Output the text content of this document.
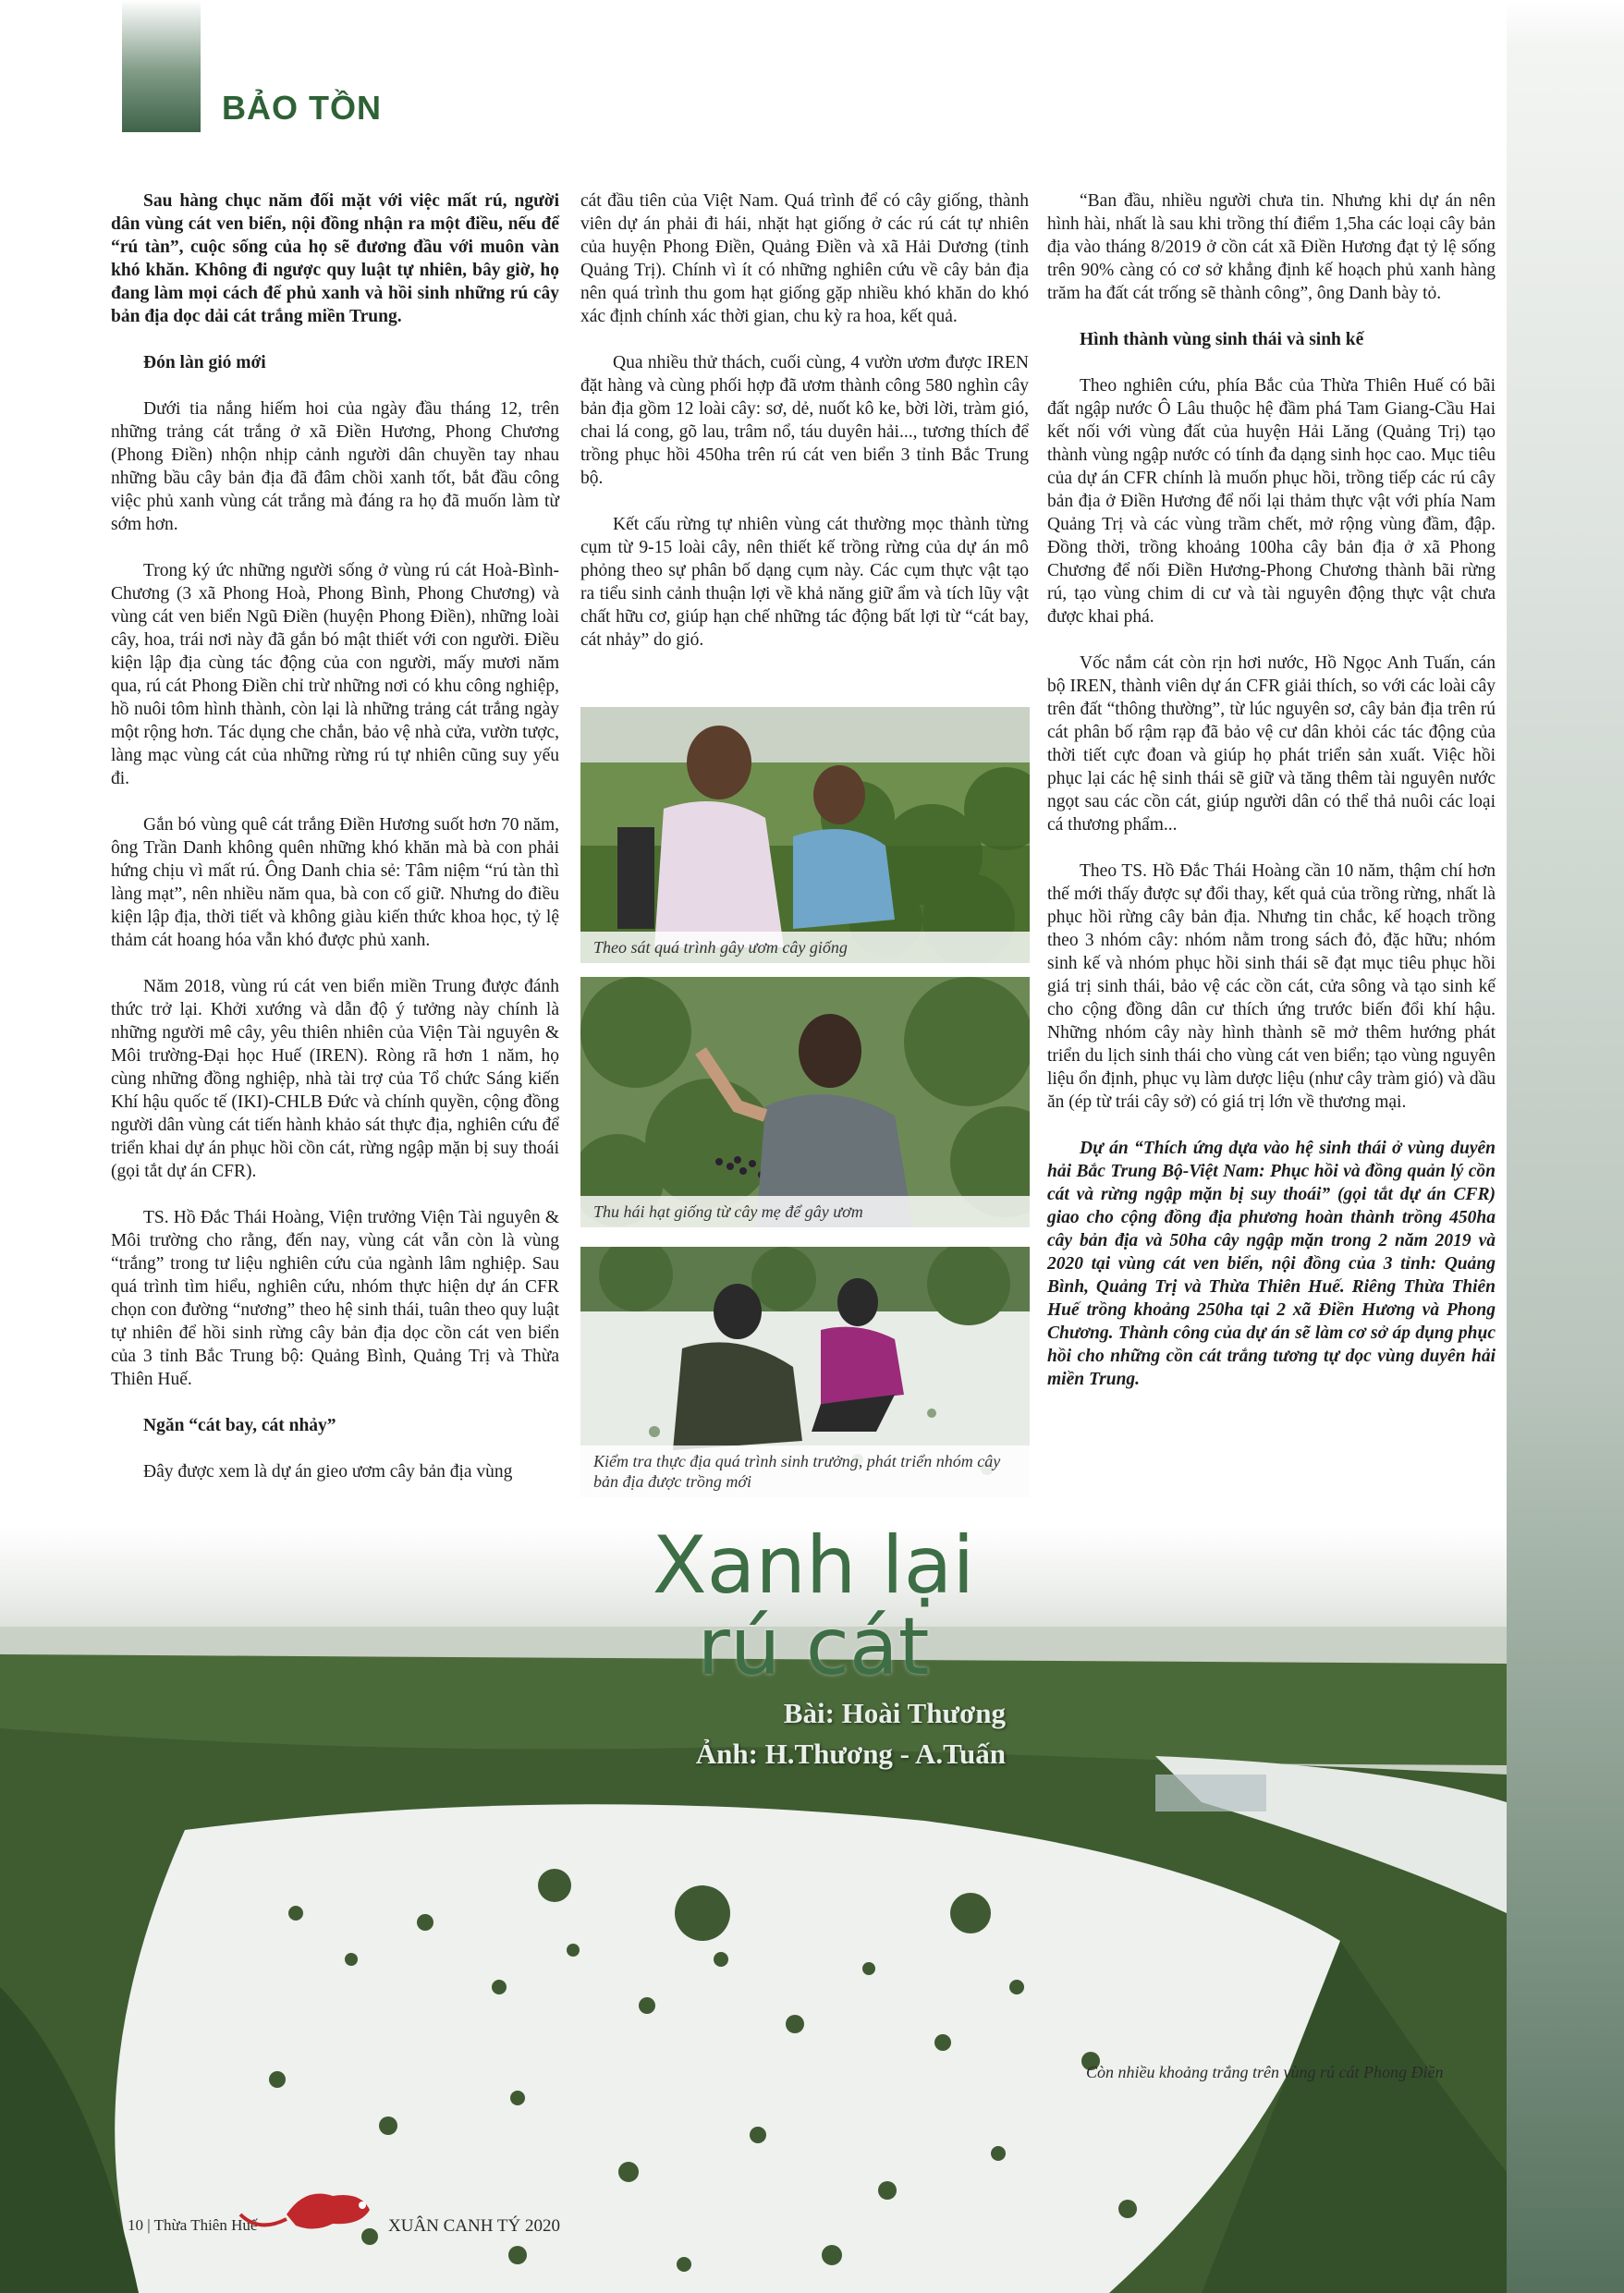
BẢO TỒN

Sau hàng chục năm đối mặt với việc mất rú, người dân vùng cát ven biển, nội đồng nhận ra một điều, nếu để “rú tàn”, cuộc sống của họ sẽ đương đầu với muôn vàn khó khăn. Không đi ngược quy luật tự nhiên, bây giờ, họ đang làm mọi cách để phủ xanh và hồi sinh những rú cây bản địa dọc dải cát trắng miền Trung.

Đón làn gió mới

Dưới tia nắng hiếm hoi của ngày đầu tháng 12, trên những trảng cát trắng ở xã Điền Hương, Phong Chương (Phong Điền) nhộn nhịp cảnh người dân chuyền tay nhau những bầu cây bản địa đã đâm chồi xanh tốt, bắt đầu công việc phủ xanh vùng cát trắng mà đáng ra họ đã muốn làm từ sớm hơn.

Trong ký ức những người sống ở vùng rú cát Hoà-Bình-Chương (3 xã Phong Hoà, Phong Bình, Phong Chương) và vùng cát ven biển Ngũ Điền (huyện Phong Điền), những loài cây, hoa, trái nơi này đã gắn bó mật thiết với con người. Điều kiện lập địa cùng tác động của con người, mấy mươi năm qua, rú cát Phong Điền chỉ trừ những nơi có khu công nghiệp, hồ nuôi tôm hình thành, còn lại là những trảng cát trắng ngày một rộng hơn. Tác dụng che chắn, bảo vệ nhà cửa, vườn tược, làng mạc vùng cát của những rừng rú tự nhiên cũng suy yếu đi.

Gắn bó vùng quê cát trắng Điền Hương suốt hơn 70 năm, ông Trần Danh không quên những khó khăn mà bà con phải hứng chịu vì mất rú. Ông Danh chia sẻ: Tâm niệm “rú tàn thì làng mạt”, nên nhiều năm qua, bà con cố giữ. Nhưng do điều kiện lập địa, thời tiết và không giàu kiến thức khoa học, tỷ lệ thảm cát hoang hóa vẫn khó được phủ xanh.

Năm 2018, vùng rú cát ven biển miền Trung được đánh thức trở lại. Khởi xướng và dẫn độ ý tưởng này chính là những người mê cây, yêu thiên nhiên của Viện Tài nguyên & Môi trường-Đại học Huế (IREN). Ròng rã hơn 1 năm, họ cùng những đồng nghiệp, nhà tài trợ của Tổ chức Sáng kiến Khí hậu quốc tế (IKI)-CHLB Đức và chính quyền, cộng đồng người dân vùng cát tiến hành khảo sát thực địa, nghiên cứu để triển khai dự án phục hồi cồn cát, rừng ngập mặn bị suy thoái (gọi tắt dự án CFR).

TS. Hồ Đắc Thái Hoàng, Viện trưởng Viện Tài nguyên & Môi trường cho rằng, đến nay, vùng cát vẫn còn là vùng “trắng” trong tư liệu nghiên cứu của ngành lâm nghiệp. Sau quá trình tìm hiểu, nghiên cứu, nhóm thực hiện dự án CFR chọn con đường “nương” theo hệ sinh thái, tuân theo quy luật tự nhiên để hồi sinh rừng cây bản địa dọc cồn cát ven biển của 3 tỉnh Bắc Trung bộ: Quảng Bình, Quảng Trị và Thừa Thiên Huế.

Ngăn “cát bay, cát nhảy”

Đây được xem là dự án gieo ươm cây bản địa vùng

cát đầu tiên của Việt Nam. Quá trình để có cây giống, thành viên dự án phải đi hái, nhặt hạt giống ở các rú cát tự nhiên của huyện Phong Điền, Quảng Điền và xã Hải Dương (tỉnh Quảng Trị). Chính vì ít có những nghiên cứu về cây bản địa nên quá trình thu gom hạt giống gặp nhiều khó khăn do khó xác định chính xác thời gian, chu kỳ ra hoa, kết quả.

Qua nhiều thử thách, cuối cùng, 4 vườn ươm được IREN đặt hàng và cùng phối hợp đã ươm thành công 580 nghìn cây bản địa gồm 12 loài cây: sơ, dẻ, nuốt kô ke, bời lời, tràm gió, chai lá cong, gõ lau, trâm nổ, táu duyên hải..., tương thích để trồng phục hồi 450ha trên rú cát ven biển 3 tỉnh Bắc Trung bộ.

Kết cấu rừng tự nhiên vùng cát thường mọc thành từng cụm từ 9-15 loài cây, nên thiết kế trồng rừng của dự án mô phỏng theo sự phân bố dạng cụm này. Các cụm thực vật tạo ra tiểu sinh cảnh thuận lợi về khả năng giữ ẩm và tích lũy vật chất hữu cơ, giúp hạn chế những tác động bất lợi từ “cát bay, cát nhảy” do gió.

Theo sát quá trình gây ươm cây giống
Thu hái hạt giống từ cây mẹ để gây ươm
Kiểm tra thực địa quá trình sinh trưởng, phát triển nhóm cây bản địa được trồng mới

“Ban đầu, nhiều người chưa tin. Nhưng khi dự án nên hình hài, nhất là sau khi trồng thí điểm 1,5ha các loại cây bản địa vào tháng 8/2019 ở cồn cát xã Điền Hương đạt tỷ lệ sống trên 90% càng có cơ sở khẳng định kế hoạch phủ xanh hàng trăm ha đất cát trống sẽ thành công”, ông Danh bày tỏ.

Hình thành vùng sinh thái và sinh kế

Theo nghiên cứu, phía Bắc của Thừa Thiên Huế có bãi đất ngập nước Ô Lâu thuộc hệ đầm phá Tam Giang-Cầu Hai kết nối với vùng đất của huyện Hải Lăng (Quảng Trị) tạo thành vùng ngập nước có tính đa dạng sinh học cao. Mục tiêu của dự án CFR chính là muốn phục hồi, trồng tiếp các rú cây bản địa ở Điền Hương để nối lại thảm thực vật với phía Nam Quảng Trị và các vùng trầm chết, mở rộng vùng đầm, đập. Đồng thời, trồng khoảng 100ha cây bản địa ở xã Phong Chương để nối Điền Hương-Phong Chương thành bãi rừng rú, tạo vùng chim di cư và tài nguyên động thực vật chưa được khai phá.

Vốc nắm cát còn rịn hơi nước, Hồ Ngọc Anh Tuấn, cán bộ IREN, thành viên dự án CFR giải thích, so với các loài cây trên đất “thông thường”, từ lúc nguyên sơ, cây bản địa trên rú cát phân bố rậm rạp đã bảo vệ cư dân khỏi các tác động của thời tiết cực đoan và giúp họ phát triển sản xuất. Việc hồi phục lại các hệ sinh thái sẽ giữ và tăng thêm tài nguyên nước ngọt sau các cồn cát, giúp người dân có thể thả nuôi các loại cá thương phẩm...

Theo TS. Hồ Đắc Thái Hoàng cần 10 năm, thậm chí hơn thế mới thấy được sự đổi thay, kết quả của trồng rừng, nhất là phục hồi rừng cây bản địa. Nhưng tin chắc, kế hoạch trồng theo 3 nhóm cây: nhóm nằm trong sách đỏ, đặc hữu; nhóm sinh kế và nhóm phục hồi sinh thái sẽ đạt mục tiêu phục hồi giá trị sinh thái, bảo vệ các cồn cát, cửa sông và tạo sinh kế cho cộng đồng dân cư thích ứng trước biến đổi khí hậu. Những nhóm cây này hình thành sẽ mở thêm hướng phát triển du lịch sinh thái cho vùng cát ven biển; tạo vùng nguyên liệu ổn định, phục vụ làm dược liệu (như cây tràm gió) và dầu ăn (ép từ trái cây sở) có giá trị lớn về thương mại.

Dự án “Thích ứng dựa vào hệ sinh thái ở vùng duyên hải Bắc Trung Bộ-Việt Nam: Phục hồi và đồng quản lý cồn cát và rừng ngập mặn bị suy thoái” (gọi tắt dự án CFR) giao cho cộng đồng địa phương hoàn thành trồng 450ha cây bản địa và 50ha cây ngập mặn trong 2 năm 2019 và 2020 tại vùng cát ven biển, nội đồng của 3 tỉnh: Quảng Bình, Quảng Trị và Thừa Thiên Huế. Riêng Thừa Thiên Huế trồng khoảng 250ha tại 2 xã Điền Hương và Phong Chương. Thành công của dự án sẽ làm cơ sở áp dụng phục hồi cho những cồn cát trắng tương tự dọc vùng duyên hải miền Trung.

Xanh lại
rú cát
Bài: Hoài Thương
Ảnh: H.Thương - A.Tuấn
Còn nhiều khoảng trắng trên vùng rú cát Phong Điền
10 | Thừa Thiên Huế	XUÂN CANH TÝ 2020
